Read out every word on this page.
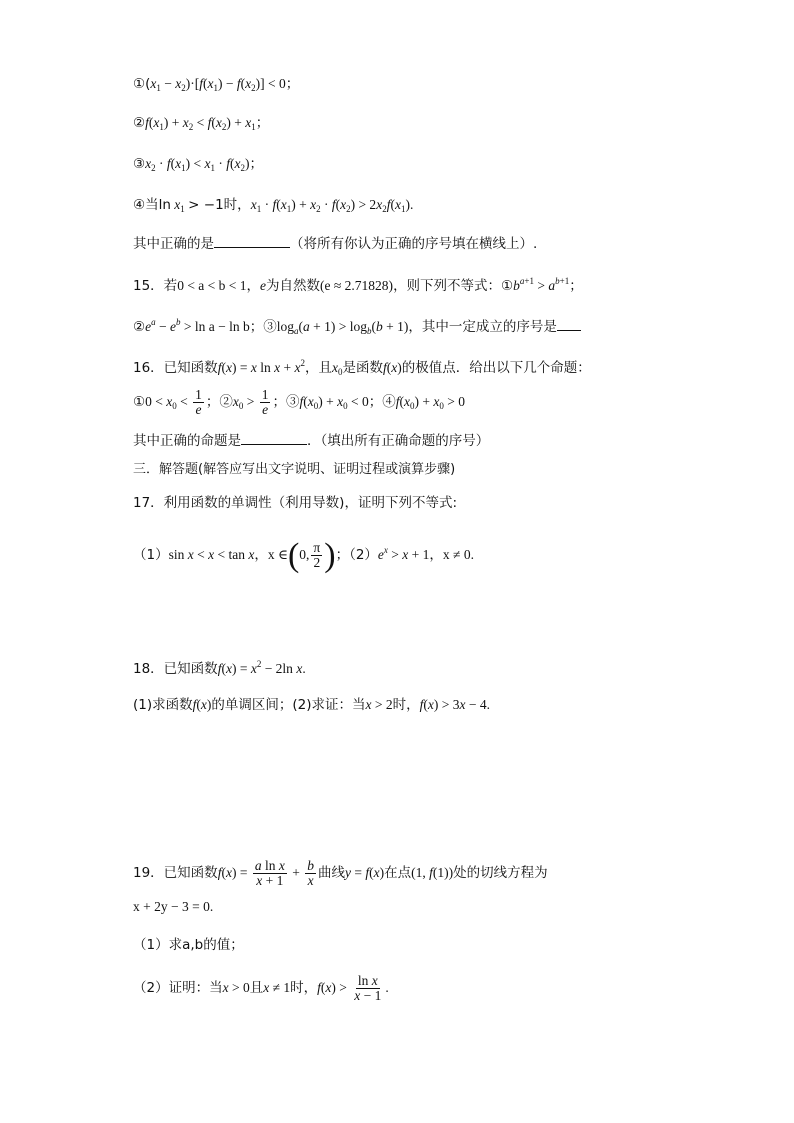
$①(x_1 - x_2)\cdot[f(x_1) - f(x_2)] < 0$；
$②f(x_1) + x_2 < f(x_2) + x_1$；
$③x_2 \cdot f(x_1) < x_1 \cdot f(x_2)$；
④当$\ln x_1 > -1$时，$x_1 \cdot f(x_1) + x_2 \cdot f(x_2) > 2x_2f(x_1)$.
其中正确的是	（将所有你认为正确的序号填在横线上）.
15．若0 < a < b < 1，e为自然数(e ≈ 2.71828)，则下列不等式：$①b^{a+1} > a^{b+1}$；
$②e^a - e^b > \ln a - \ln b$；$③\log_a(a + 1) > \log_b(b + 1)$，其中一定成立的序号是
16．已知函数f(x) = x $\ln x + x^2$，且$x_0$是函数f(x)的极值点．给出以下几个命题：
①0 < $x_0 < \frac{1}{e}$ ；$②x_0 > \frac{1}{e}$ ；$③f(x_0) + x_0 < 0$；$④f(x_0) + x_0 > 0$
其中正确的命题是	．（填出所有正确命题的序号）
三．解答题(解答应写出文字说明、证明过程或演算步骤)
17．利用函数的单调性（利用导数)，证明下列不等式:
（1）sin x < x < tan x，x ∈(0, $\frac{\pi}{2}$ )；$(2)e^x > x + 1$，x ≠ 0.
18．已知函数$f(x) = x^2 - 2\ln$ x.
(1)求函数f(x)的单调区间；(2)求证：当x > 2时，f(x) > 3x − 4.
19．已知函数$f(x) = \frac{\text{a ln x}}{x + 1} + \frac{b}{x}$ 曲线y = f(x)在点(1, f(1))处的切线方程为
x + 2y − 3 = 0.
（1）求a,b的值；
（2）证明：当x > 0且x ≠ 1时，$f(x) > \frac{\text{ln x}}{x - 1}$ .
